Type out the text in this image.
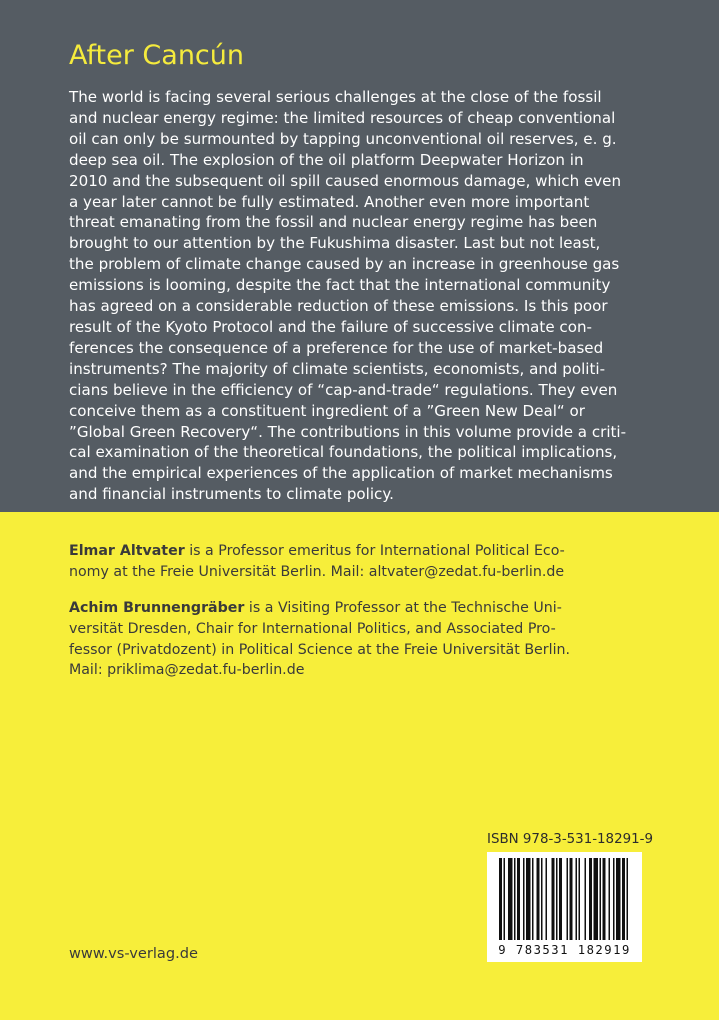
After Cancún

The world is facing several serious challenges at the close of the fossil
and nuclear energy regime: the limited resources of cheap conventional
oil can only be surmounted by tapping unconventional oil reserves, e. g.
deep sea oil. The explosion of the oil platform Deepwater Horizon in
2010 and the subsequent oil spill caused enormous damage, which even
a year later cannot be fully estimated. Another even more important
threat emanating from the fossil and nuclear energy regime has been
brought to our attention by the Fukushima disaster. Last but not least,
the problem of climate change caused by an increase in greenhouse gas
emissions is looming, despite the fact that the international community
has agreed on a considerable reduction of these emissions. Is this poor
result of the Kyoto Protocol and the failure of successive climate con-
ferences the consequence of a preference for the use of market-based
instruments? The majority of climate scientists, economists, and politi-
cians believe in the efficiency of “cap-and-trade“ regulations. They even
conceive them as a constituent ingredient of a ”Green New Deal“ or
”Global Green Recovery“. The contributions in this volume provide a criti-
cal examination of the theoretical foundations, the political implications,
and the empirical experiences of the application of market mechanisms
and financial instruments to climate policy.

Elmar Altvater is a Professor emeritus for International Political Eco-
nomy at the Freie Universität Berlin. Mail: altvater@zedat.fu-berlin.de

Achim Brunnengräber is a Visiting Professor at the Technische Uni-
versität Dresden, Chair for International Politics, and Associated Pro-
fessor (Privatdozent) in Political Science at the Freie Universität Berlin.
Mail: priklima@zedat.fu-berlin.de

ISBN 978-3-531-18291-9

9 783531 182919

www.vs-verlag.de
